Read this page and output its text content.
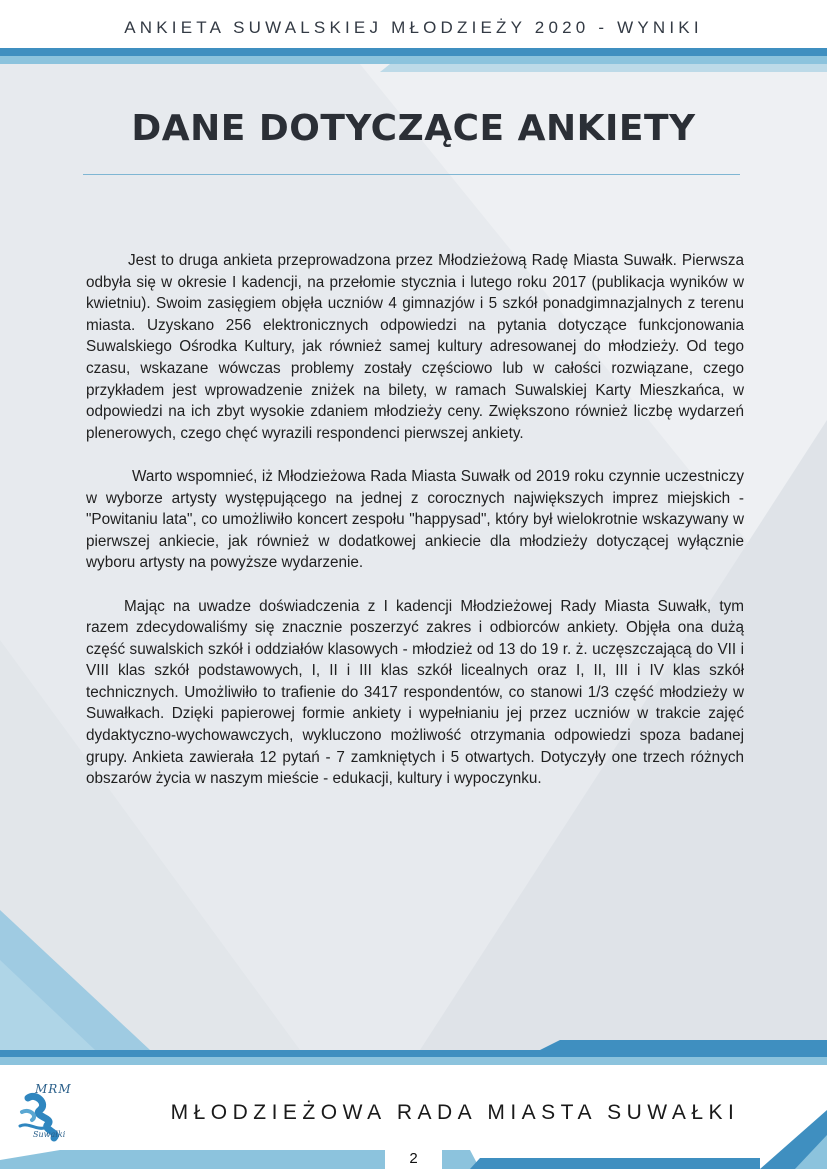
ANKIETA SUWALSKIEJ MŁODZIEŻY 2020 - WYNIKI
DANE DOTYCZĄCE ANKIETY

Jest to druga ankieta przeprowadzona przez Młodzieżową Radę Miasta Suwałk. Pierwsza odbyła się w okresie I kadencji, na przełomie stycznia i lutego roku 2017 (publikacja wyników w kwietniu). Swoim zasięgiem objęła uczniów 4 gimnazjów i 5 szkół ponadgimnazjalnych z terenu miasta. Uzyskano 256 elektronicznych odpowiedzi na pytania dotyczące funkcjonowania Suwalskiego Ośrodka Kultury, jak również samej kultury adresowanej do młodzieży. Od tego czasu, wskazane wówczas problemy zostały częściowo lub w całości rozwiązane, czego przykładem jest wprowadzenie zniżek na bilety, w ramach Suwalskiej Karty Mieszkańca, w odpowiedzi na ich zbyt wysokie zdaniem młodzieży ceny. Zwiększono również liczbę wydarzeń plenerowych, czego chęć wyrazili respondenci pierwszej ankiety.

Warto wspomnieć, iż Młodzieżowa Rada Miasta Suwałk od 2019 roku czynnie uczestniczy w wyborze artysty występującego na jednej z corocznych największych imprez miejskich - "Powitaniu lata", co umożliwiło koncert zespołu "happysad", który był wielokrotnie wskazywany w pierwszej ankiecie, jak również w dodatkowej ankiecie dla młodzieży dotyczącej wyłącznie wyboru artysty na powyższe wydarzenie.

Mając na uwadze doświadczenia z I kadencji Młodzieżowej Rady Miasta Suwałk, tym razem zdecydowaliśmy się znacznie poszerzyć zakres i odbiorców ankiety. Objęła ona dużą część suwalskich szkół i oddziałów klasowych - młodzież od 13 do 19 r. ż. uczęszczającą do VII i VIII klas szkół podstawowych, I, II i III klas szkół licealnych oraz I, II, III i IV klas szkół technicznych. Umożliwiło to trafienie do 3417 respondentów, co stanowi 1/3 część młodzieży w Suwałkach. Dzięki papierowej formie ankiety i wypełnianiu jej przez uczniów w trakcie zajęć dydaktyczno-wychowawczych, wykluczono możliwość otrzymania odpowiedzi spoza badanej grupy. Ankieta zawierała 12 pytań - 7 zamkniętych i 5 otwartych. Dotyczyły one trzech różnych obszarów życia w naszym mieście - edukacji, kultury i wypoczynku.

MRM
Suwałki
MŁODZIEŻOWA RADA MIASTA SUWAŁKI
2
